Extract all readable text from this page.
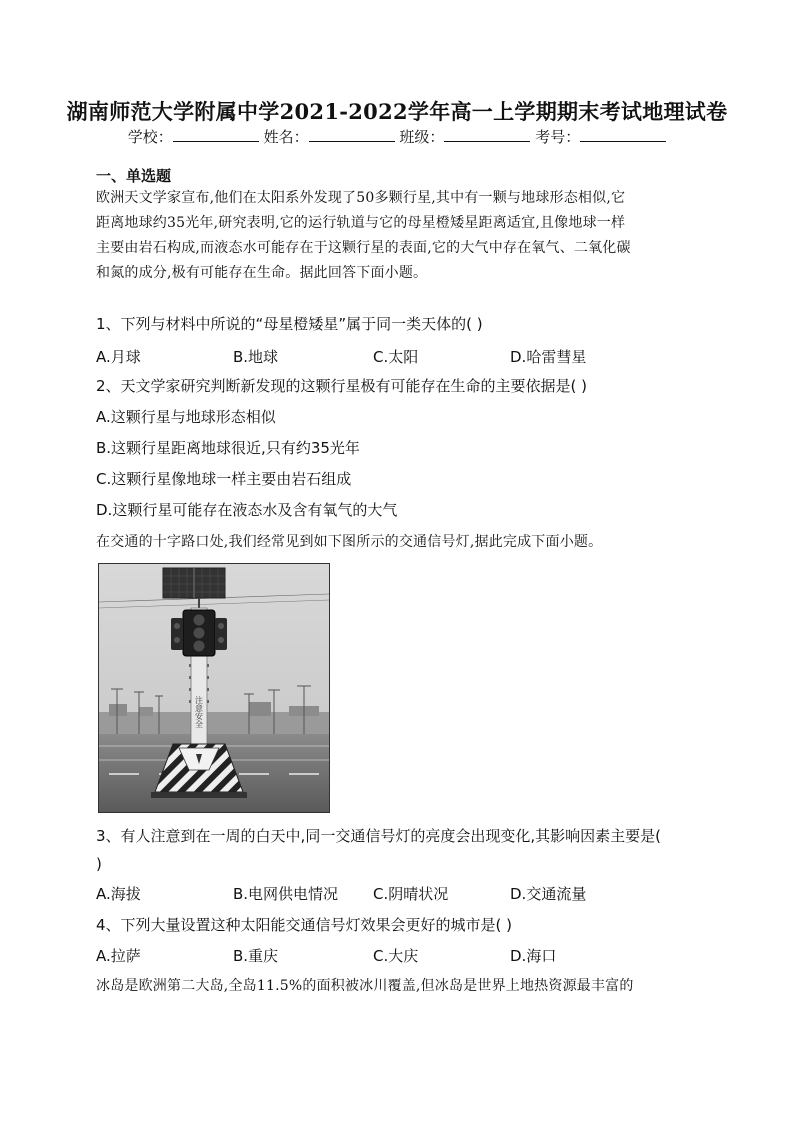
湖南师范大学附属中学2021-2022学年高一上学期期末考试地理试卷
学校：	姓名：	班级：	考号：
一、单选题
欧洲天文学家宣布,他们在太阳系外发现了50多颗行星,其中有一颗与地球形态相似,它
距离地球约35光年,研究表明,它的运行轨道与它的母星橙矮星距离适宜,且像地球一样
主要由岩石构成,而液态水可能存在于这颗行星的表面,它的大气中存在氧气、二氧化碳
和氮的成分,极有可能存在生命。据此回答下面小题。
1、下列与材料中所说的“母星橙矮星”属于同一类天体的( )
A.月球	B.地球	C.太阳	D.哈雷彗星
2、天文学家研究判断新发现的这颗行星极有可能存在生命的主要依据是( )
A.这颗行星与地球形态相似
B.这颗行星距离地球很近,只有约35光年
C.这颗行星像地球一样主要由岩石组成
D.这颗行星可能存在液态水及含有氧气的大气
在交通的十字路口处,我们经常见到如下图所示的交通信号灯,据此完成下面小题。
注意安全
3、有人注意到在一周的白天中,同一交通信号灯的亮度会出现变化,其影响因素主要是(
)
A.海拔	B.电网供电情况 C.阴晴状况	D.交通流量
4、下列大量设置这种太阳能交通信号灯效果会更好的城市是( )
A.拉萨	B.重庆	C.大庆	D.海口
冰岛是欧洲第二大岛,全岛11.5%的面积被冰川覆盖,但冰岛是世界上地热资源最丰富的
